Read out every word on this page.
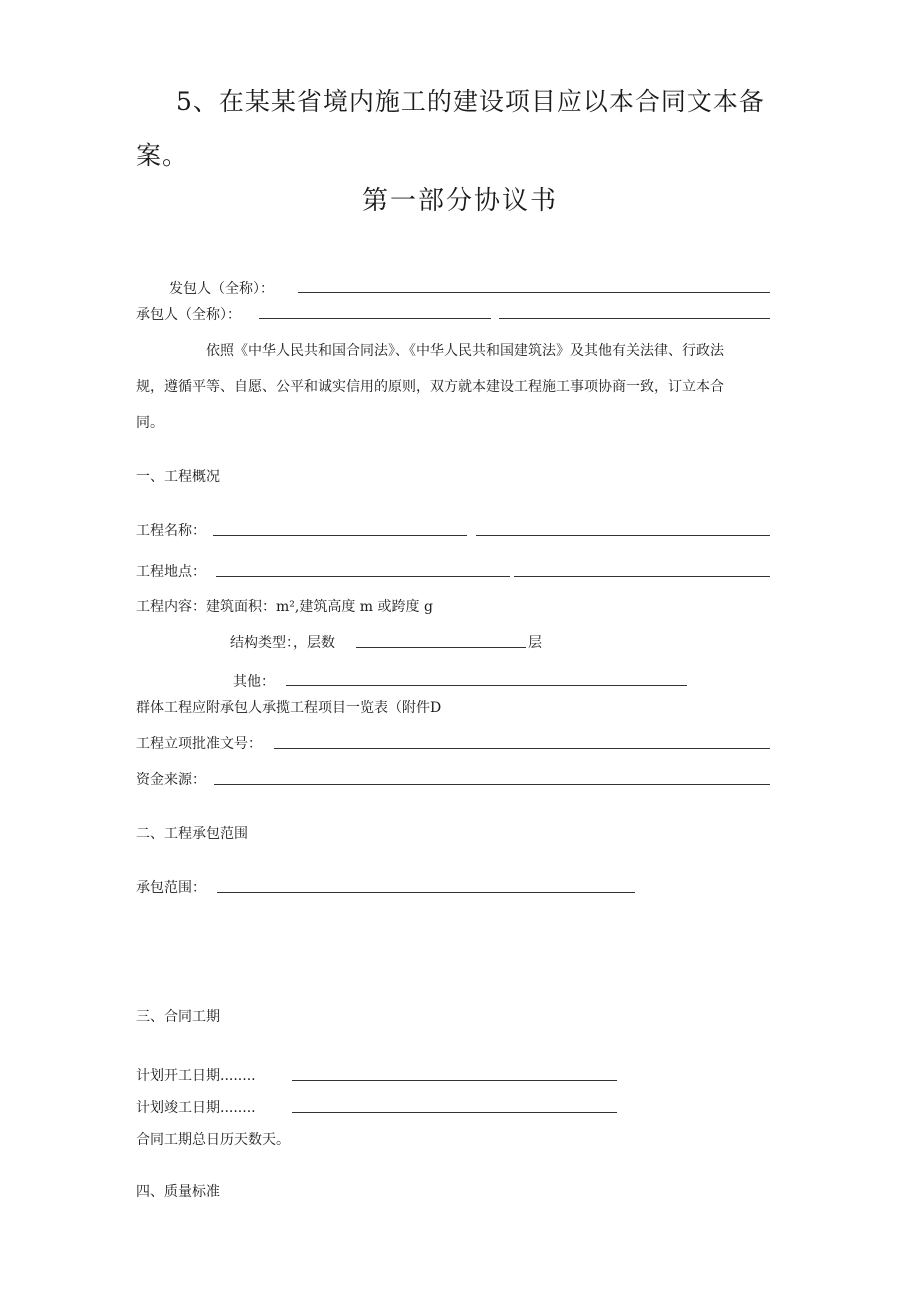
5、在某某省境内施工的建设项目应以本合同文本备
案。
第一部分协议书
发包人（全称）：
承包人（全称）：
依照《中华人民共和国合同法》、《中华人民共和国建筑法》及其他有关法律、行政法
规，遵循平等、自愿、公平和诚实信用的原则，双方就本建设工程施工事项协商一致，订立本合
同。
一、工程概况
工程名称：
工程地点：
工程内容：建筑面积：m²,建筑高度 m 或跨度 g
结构类型：，层数	层
其他：
群体工程应附承包人承揽工程项目一览表（附件D
工程立项批准文号：
资金来源：
二、工程承包范围
承包范围：
三、合同工期
计划开工日期........
计划竣工日期........
合同工期总日历天数天。
四、质量标准
